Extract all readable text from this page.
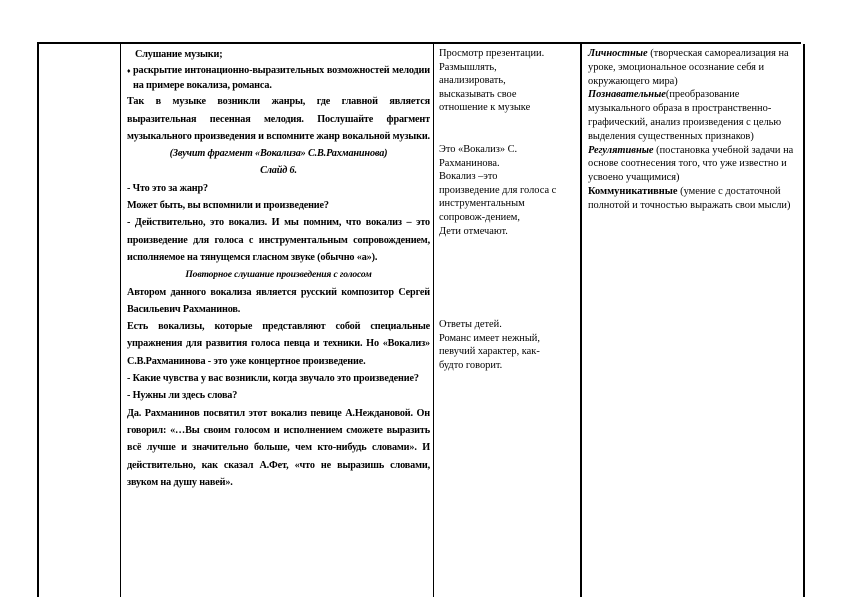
Слушание музыки;
♦ раскрытие интонационно-выразительных возможностей мелодии на примере вокализа, романса.
Так в музыке возникли жанры, где главной является выразительная песенная мелодия. Послушайте фрагмент музыкального произведения и вспомните жанр вокальной музыки.
(Звучит фрагмент «Вокализа» С.В.Рахманинова)
Слайд 6.
- Что это за жанр?
Может быть, вы вспомнили и произведение?
- Действительно, это вокализ. И мы помним, что вокализ – это произведение для голоса с инструментальным сопровождением, исполняемое на тянущемся гласном звуке (обычно «а»).
Повторное слушание произведения с голосом
Автором данного вокализа является русский композитор Сергей Васильевич Рахманинов.
Есть вокализы, которые представляют собой специальные упражнения для развития голоса певца и техники. Но «Вокализ» С.В.Рахманинова - это уже концертное произведение.
- Какие чувства у вас возникли, когда звучало это произведение?
- Нужны ли здесь слова?
Да. Рахманинов посвятил этот вокализ певице А.Неждановой. Он говорил: «…Вы своим голосом и исполнением сможете выразить всё лучше и значительно больше, чем кто-нибудь словами». И действительно, как сказал А.Фет, «что не выразишь словами, звуком на душу навей».
Просмотр презентации.
Размышлять,
анализировать,
высказывать свое
отношение к музыке
Это «Вокализ» С.
Рахманинова.
Вокализ –это
произведение для голоса с
инструментальным
сопровож-дением,
Дети отмечают.
Ответы детей.
Романс имеет нежный,
певучий характер, как-
будто говорит.
Личностные (творческая самореализация на уроке, эмоциональное осознание себя и окружающего мира)
Познавательные(преобразование музыкального образа в пространственно-графический, анализ произведения с целью выделения существенных признаков)
Регулятивные (постановка учебной задачи на основе соотнесения того, что уже известно и усвоено учащимися)
Коммуникативные (умение с достаточной полнотой и точностью выражать свои мысли)
